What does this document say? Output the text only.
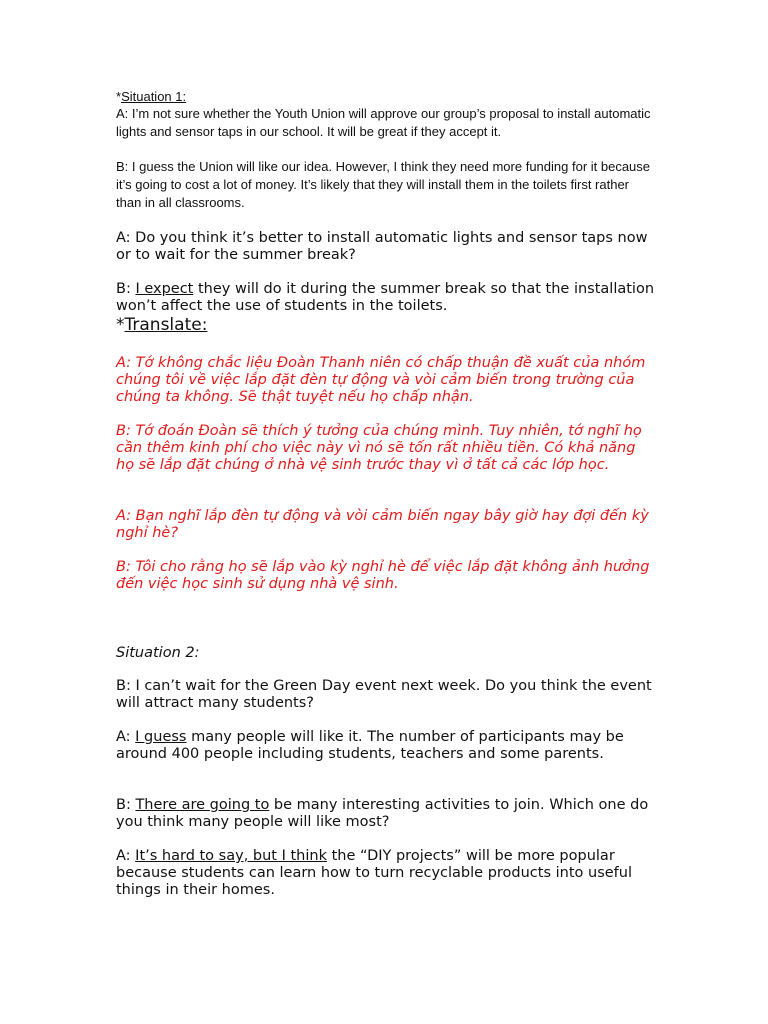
*Situation 1:
A: I’m not sure whether the Youth Union will approve our group’s proposal to install automatic lights and sensor taps in our school. It will be great if they accept it.
B: I guess the Union will like our idea. However, I think they need more funding for it because it’s going to cost a lot of money. It’s likely that they will install them in the toilets first rather than in all classrooms.
A: Do you think it’s better to install automatic lights and sensor taps now or to wait for the summer break?
B: I expect they will do it during the summer break so that the installation won’t affect the use of students in the toilets.
*Translate:
A: Tớ không chắc liệu Đoàn Thanh niên có chấp thuận đề xuất của nhóm chúng tôi về việc lắp đặt đèn tự động và vòi cảm biến trong trường của chúng ta không. Sẽ thật tuyệt nếu họ chấp nhận.
B: Tớ đoán Đoàn sẽ thích ý tưởng của chúng mình. Tuy nhiên, tớ nghĩ họ cần thêm kinh phí cho việc này vì nó sẽ tốn rất nhiều tiền. Có khả năng họ sẽ lắp đặt chúng ở nhà vệ sinh trước thay vì ở tất cả các lớp học.
A: Bạn nghĩ lắp đèn tự động và vòi cảm biến ngay bây giờ hay đợi đến kỳ nghỉ hè?
B: Tôi cho rằng họ sẽ lắp vào kỳ nghỉ hè để việc lắp đặt không ảnh hưởng đến việc học sinh sử dụng nhà vệ sinh.
Situation 2:
B: I can’t wait for the Green Day event next week. Do you think the event will attract many students?
A: I guess many people will like it. The number of participants may be around 400 people including students, teachers and some parents.
B: There are going to be many interesting activities to join. Which one do you think many people will like most?
A: It’s hard to say, but I think the “DIY projects” will be more popular because students can learn how to turn recyclable products into useful things in their homes.
